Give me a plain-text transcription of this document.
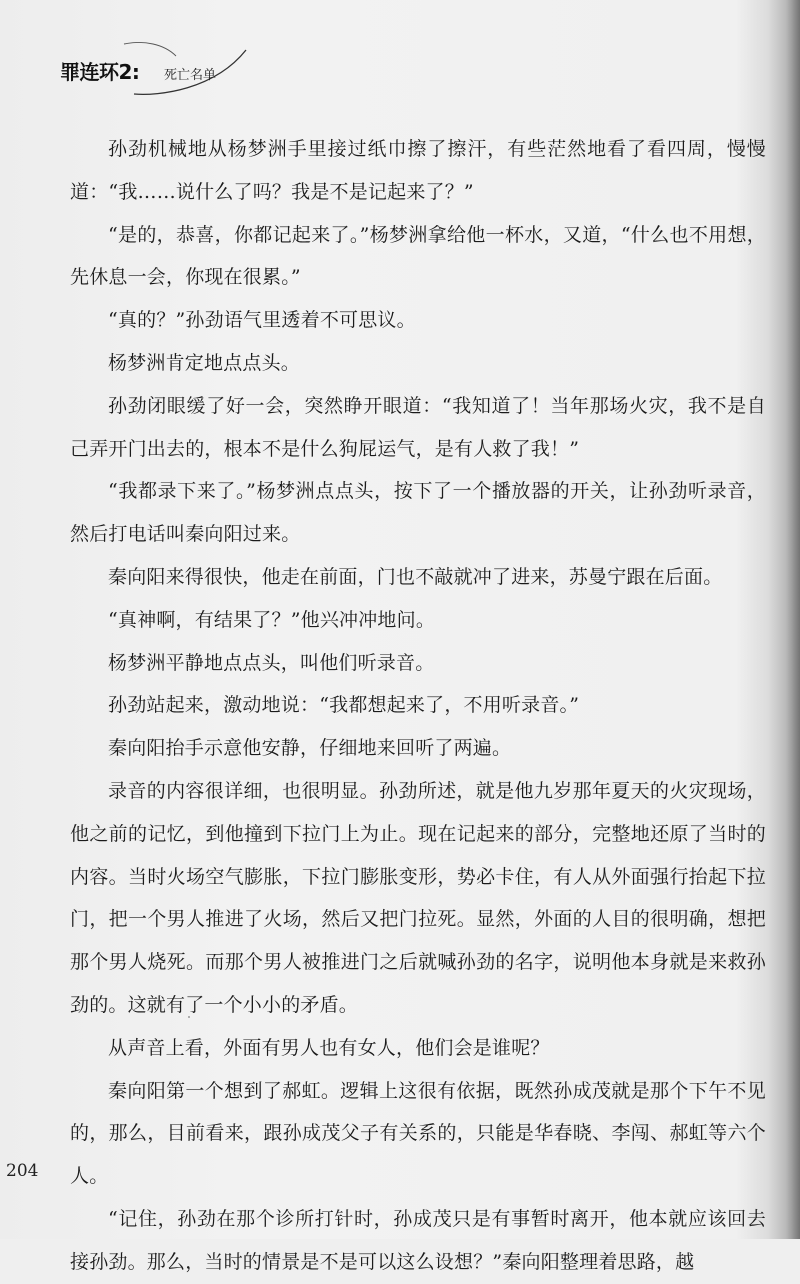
罪连环2: 死亡名单

孙劲机械地从杨梦洲手里接过纸巾擦了擦汗，有些茫然地看了看四周，慢慢道：“我……说什么了吗？我是不是记起来了？”

“是的，恭喜，你都记起来了。”杨梦洲拿给他一杯水，又道，“什么也不用想，先休息一会，你现在很累。”

“真的？”孙劲语气里透着不可思议。

杨梦洲肯定地点点头。

孙劲闭眼缓了好一会，突然睁开眼道：“我知道了！当年那场火灾，我不是自己弄开门出去的，根本不是什么狗屁运气，是有人救了我！”

“我都录下来了。”杨梦洲点点头，按下了一个播放器的开关，让孙劲听录音，然后打电话叫秦向阳过来。

秦向阳来得很快，他走在前面，门也不敲就冲了进来，苏曼宁跟在后面。

“真神啊，有结果了？”他兴冲冲地问。

杨梦洲平静地点点头，叫他们听录音。

孙劲站起来，激动地说：“我都想起来了，不用听录音。”

秦向阳抬手示意他安静，仔细地来回听了两遍。

录音的内容很详细，也很明显。孙劲所述，就是他九岁那年夏天的火灾现场，他之前的记忆，到他撞到下拉门上为止。现在记起来的部分，完整地还原了当时的内容。当时火场空气膨胀，下拉门膨胀变形，势必卡住，有人从外面强行抬起下拉门，把一个男人推进了火场，然后又把门拉死。显然，外面的人目的很明确，想把那个男人烧死。而那个男人被推进门之后就喊孙劲的名字，说明他本身就是来救孙劲的。这就有了一个小小的矛盾。

从声音上看，外面有男人也有女人，他们会是谁呢？

秦向阳第一个想到了郝虹。逻辑上这很有依据，既然孙成茂就是那个下午不见的，那么，目前看来，跟孙成茂父子有关系的，只能是华春晓、李闯、郝虹等六个人。

“记住，孙劲在那个诊所打针时，孙成茂只是有事暂时离开，他本就应该回去接孙劲。那么，当时的情景是不是可以这么设想？”秦向阳整理着思路，越

204
